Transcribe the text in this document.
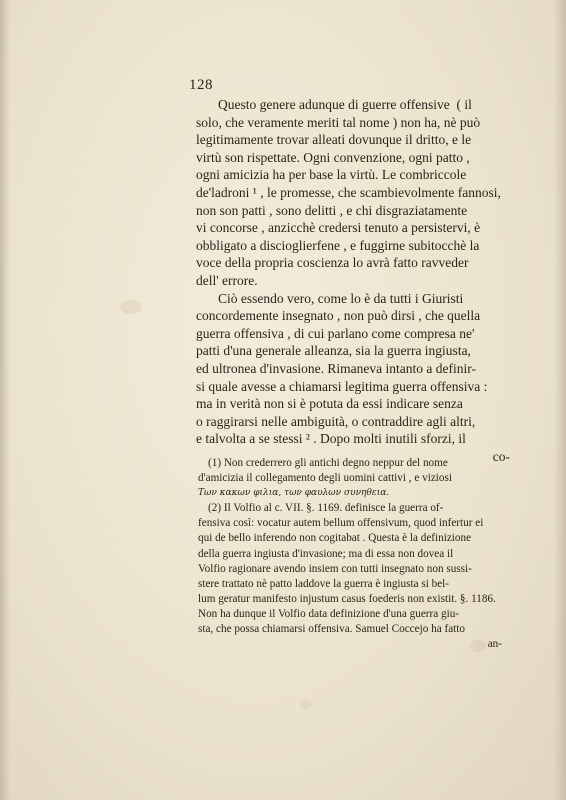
128
Questo genere adunque di guerre offensive  ( il
solo, che veramente meriti tal nome ) non ha, nè può
legitimamente trovar alleati dovunque il dritto, e le
virtù son rispettate. Ogni convenzione, ogni patto ,
ogni amicizia ha per base la virtù. Le combriccole
de'ladroni ¹ , le promesse, che scambievolmente fannosi,
non son patti , sono delitti , e chi disgraziatamente
vi concorse , anzicchè credersi tenuto a persistervi, è
obbligato a discioglierfene , e fuggirne subitocchè la
voce della propria coscienza lo avrà fatto ravveder
dell' errore.
Ciò essendo vero, come lo è da tutti i Giuristi
concordemente insegnato , non può dirsi , che quella
guerra offensiva , di cui parlano come compresa ne'
patti d'una generale alleanza, sia la guerra ingiusta,
ed ultronea d'invasione. Rimaneva intanto a definir-
si quale avesse a chiamarsi legitima guerra offensiva :
ma in verità non si è potuta da essi indicare senza
o raggirarsi nelle ambiguità, o contraddire agli altri,
e talvolta a se stessi ² . Dopo molti inutili sforzi, il
co-
(1) Non crederrero gli antichi degno neppur del nome
d'amicizia il collegamento degli uomini cattivi , e viziosi
Των κακων φιλια, των φαυλων συνηθεια.
(2) Il Volfio al c. VII. §. 1169. definisce la guerra of-
fensiva così: vocatur autem bellum offensivum, quod infertur ei
qui de bello inferendo non cogitabat . Questa è la definizione
della guerra ingiusta d'invasione; ma di essa non dovea il
Volfio ragionare avendo insiem con tutti insegnato non sussi-
stere trattato nè patto laddove la guerra è ingiusta si bel-
lum geratur manifesto injustum casus foederis non existit. §. 1186.
Non ha dunque il Volfio data definizione d'una guerra giu-
sta, che possa chiamarsi offensiva. Samuel Coccejo ha fatto
an-
